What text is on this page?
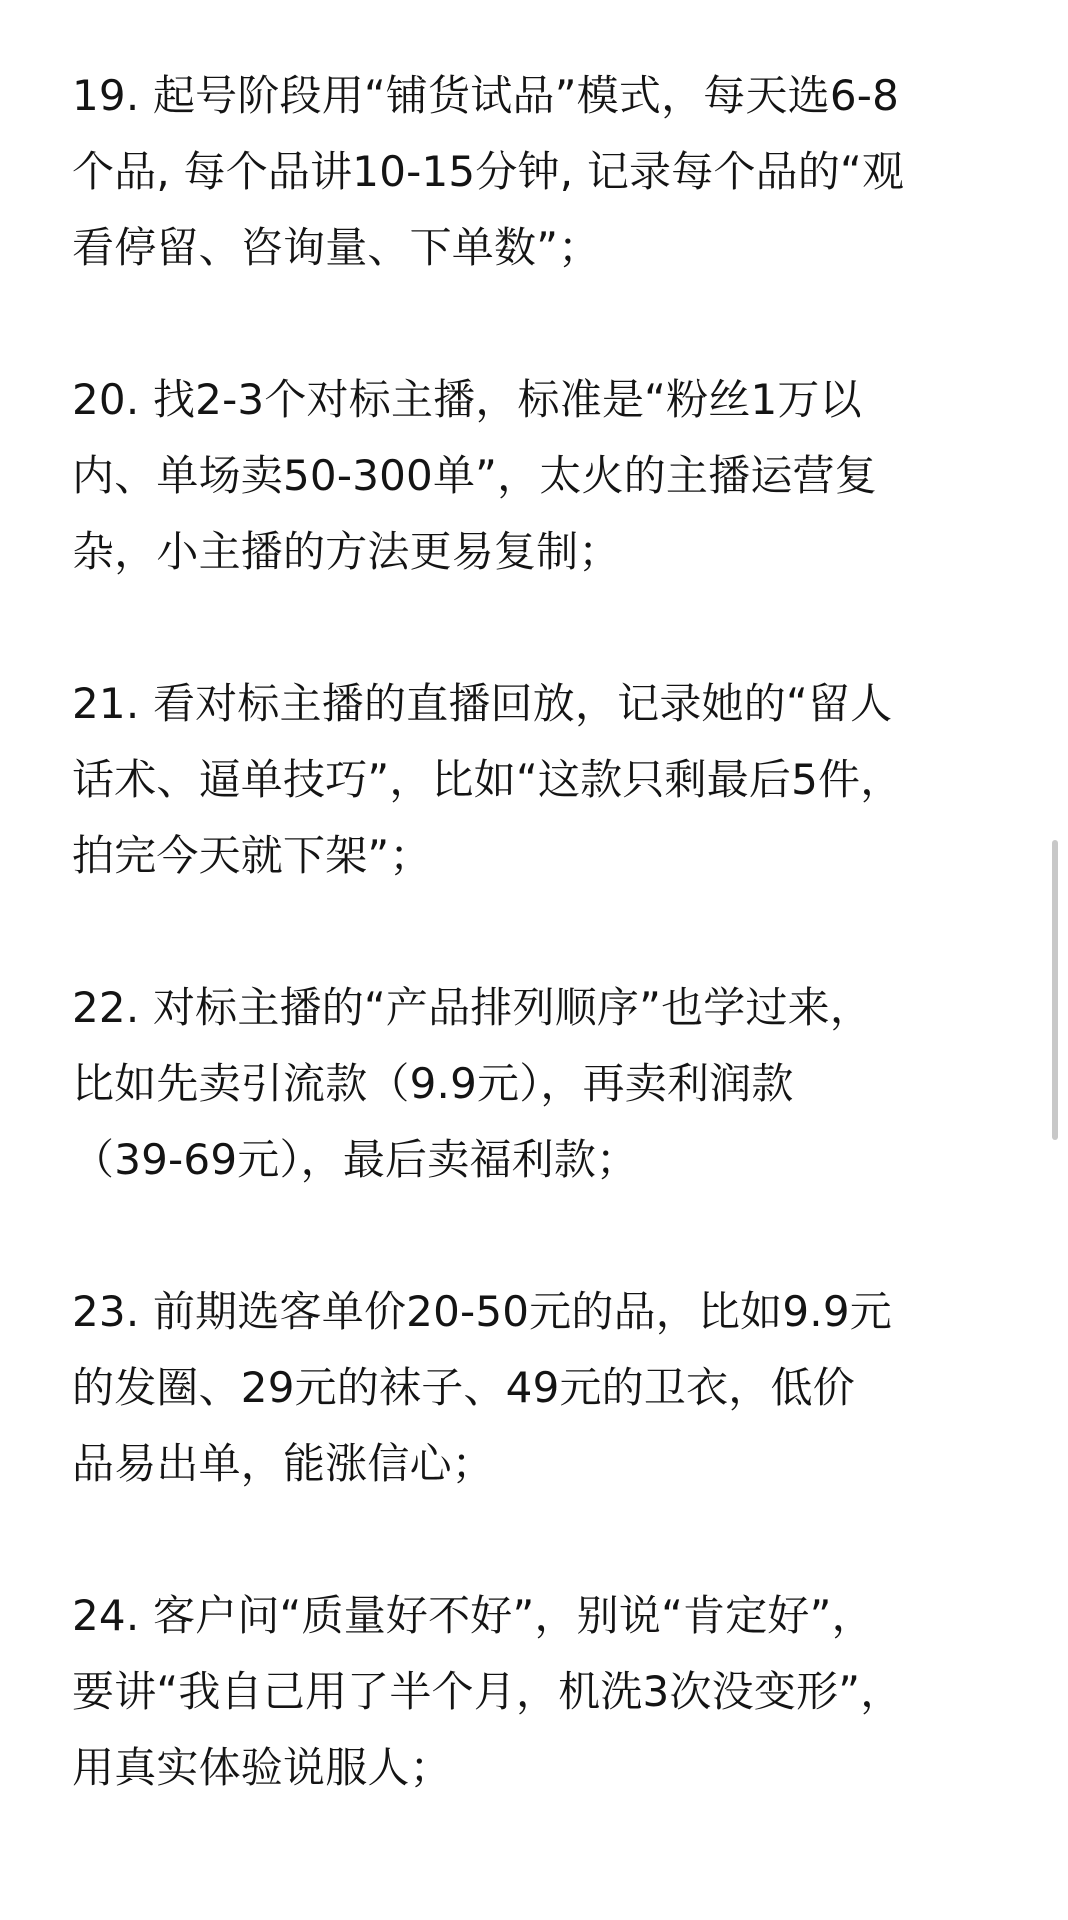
19. 起号阶段用“铺货试品”模式，每天选6-8
个品, 每个品讲10-15分钟, 记录每个品的“观
看停留、咨询量、下单数”；
20. 找2-3个对标主播，标准是“粉丝1万以
内、单场卖50-300单”，太火的主播运营复
杂，小主播的方法更易复制；
21. 看对标主播的直播回放，记录她的“留人
话术、逼单技巧”，比如“这款只剩最后5件，
拍完今天就下架”；
22. 对标主播的“产品排列顺序”也学过来，
比如先卖引流款（9.9元），再卖利润款
（39-69元），最后卖福利款；
23. 前期选客单价20-50元的品，比如9.9元
的发圈、29元的袜子、49元的卫衣，低价
品易出单，能涨信心；
24. 客户问“质量好不好”，别说“肯定好”，
要讲“我自己用了半个月，机洗3次没变形”，
用真实体验说服人；
